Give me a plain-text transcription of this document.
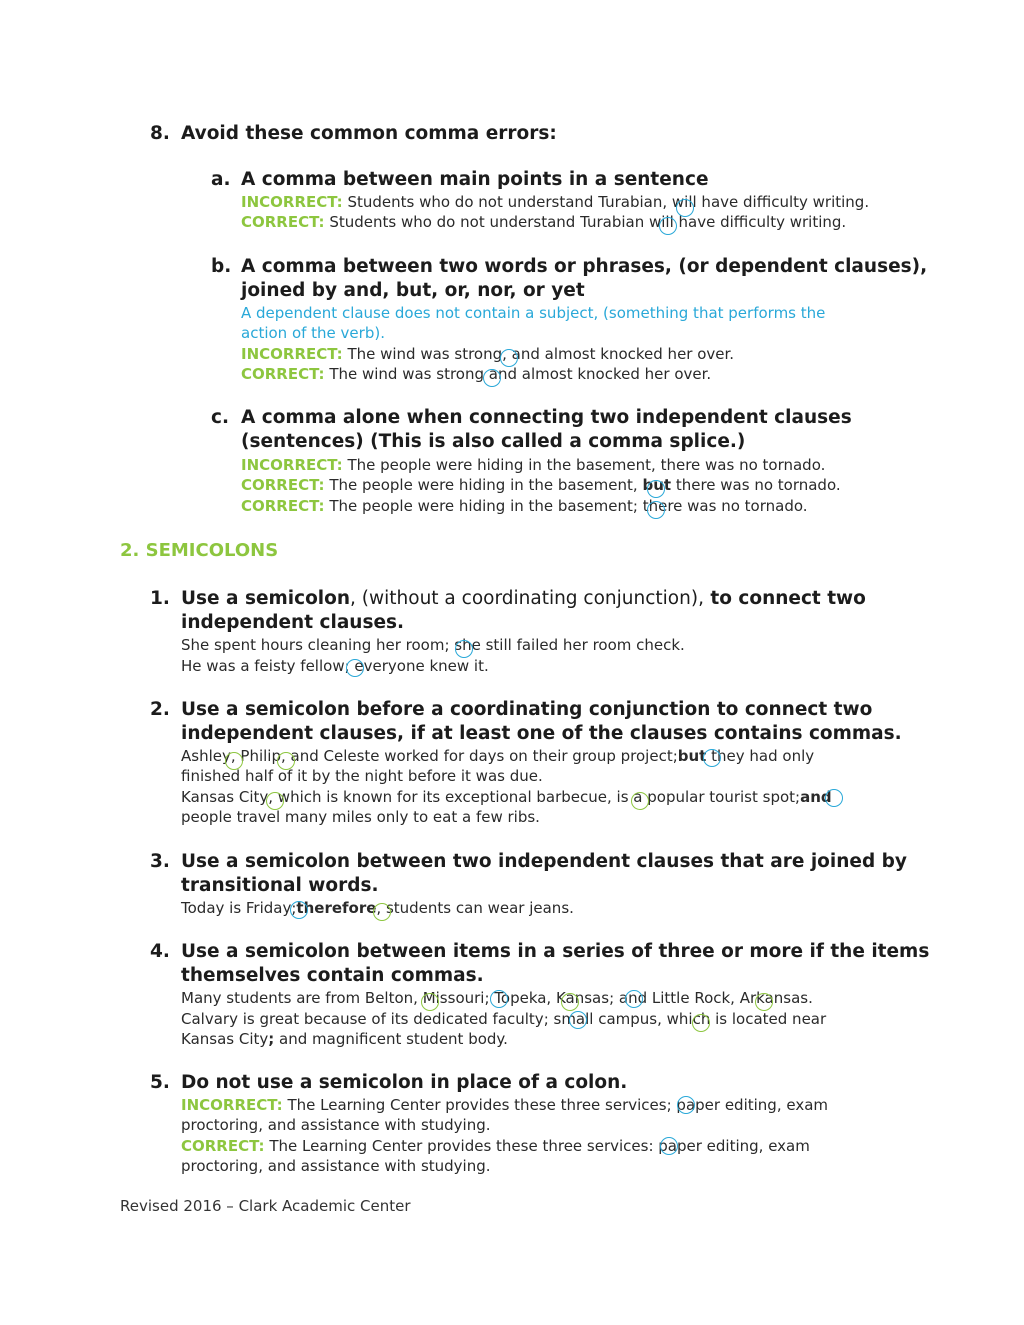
8. Avoid these common comma errors:
a. A comma between main points in a sentence
INCORRECT: Students who do not understand Turabian, will have difficulty writing.
CORRECT: Students who do not understand Turabian will have difficulty writing.
b. A comma between two words or phrases, (or dependent clauses),
joined by and, but, or, nor, or yet
A dependent clause does not contain a subject, (something that performs the
action of the verb).
INCORRECT: The wind was strong, and almost knocked her over.
CORRECT: The wind was strong and almost knocked her over.
c. A comma alone when connecting two independent clauses
(sentences) (This is also called a comma splice.)
INCORRECT: The people were hiding in the basement, there was no tornado.
CORRECT: The people were hiding in the basement, but there was no tornado.
CORRECT: The people were hiding in the basement; there was no tornado.
2. SEMICOLONS
1. Use a semicolon, (without a coordinating conjunction), to connect two
independent clauses.
She spent hours cleaning her room; she still failed her room check.
He was a feisty fellow; everyone knew it.
2. Use a semicolon before a coordinating conjunction to connect two
independent clauses, if at least one of the clauses contains commas.
Ashley, Philip, and Celeste worked for days on their group project;but they had only
finished half of it by the night before it was due.
Kansas City, which is known for its exceptional barbecue, is a popular tourist spot;and
people travel many miles only to eat a few ribs.
3. Use a semicolon between two independent clauses that are joined by
transitional words.
Today is Friday;therefore, students can wear jeans.
4. Use a semicolon between items in a series of three or more if the items
themselves contain commas.
Many students are from Belton, Missouri; Topeka, Kansas; and Little Rock, Arkansas.
Calvary is great because of its dedicated faculty; small campus, which is located near
Kansas City; and magnificent student body.
5. Do not use a semicolon in place of a colon.
INCORRECT: The Learning Center provides these three services; paper editing, exam
proctoring, and assistance with studying.
CORRECT: The Learning Center provides these three services: paper editing, exam
proctoring, and assistance with studying.
Revised 2016 – Clark Academic Center
